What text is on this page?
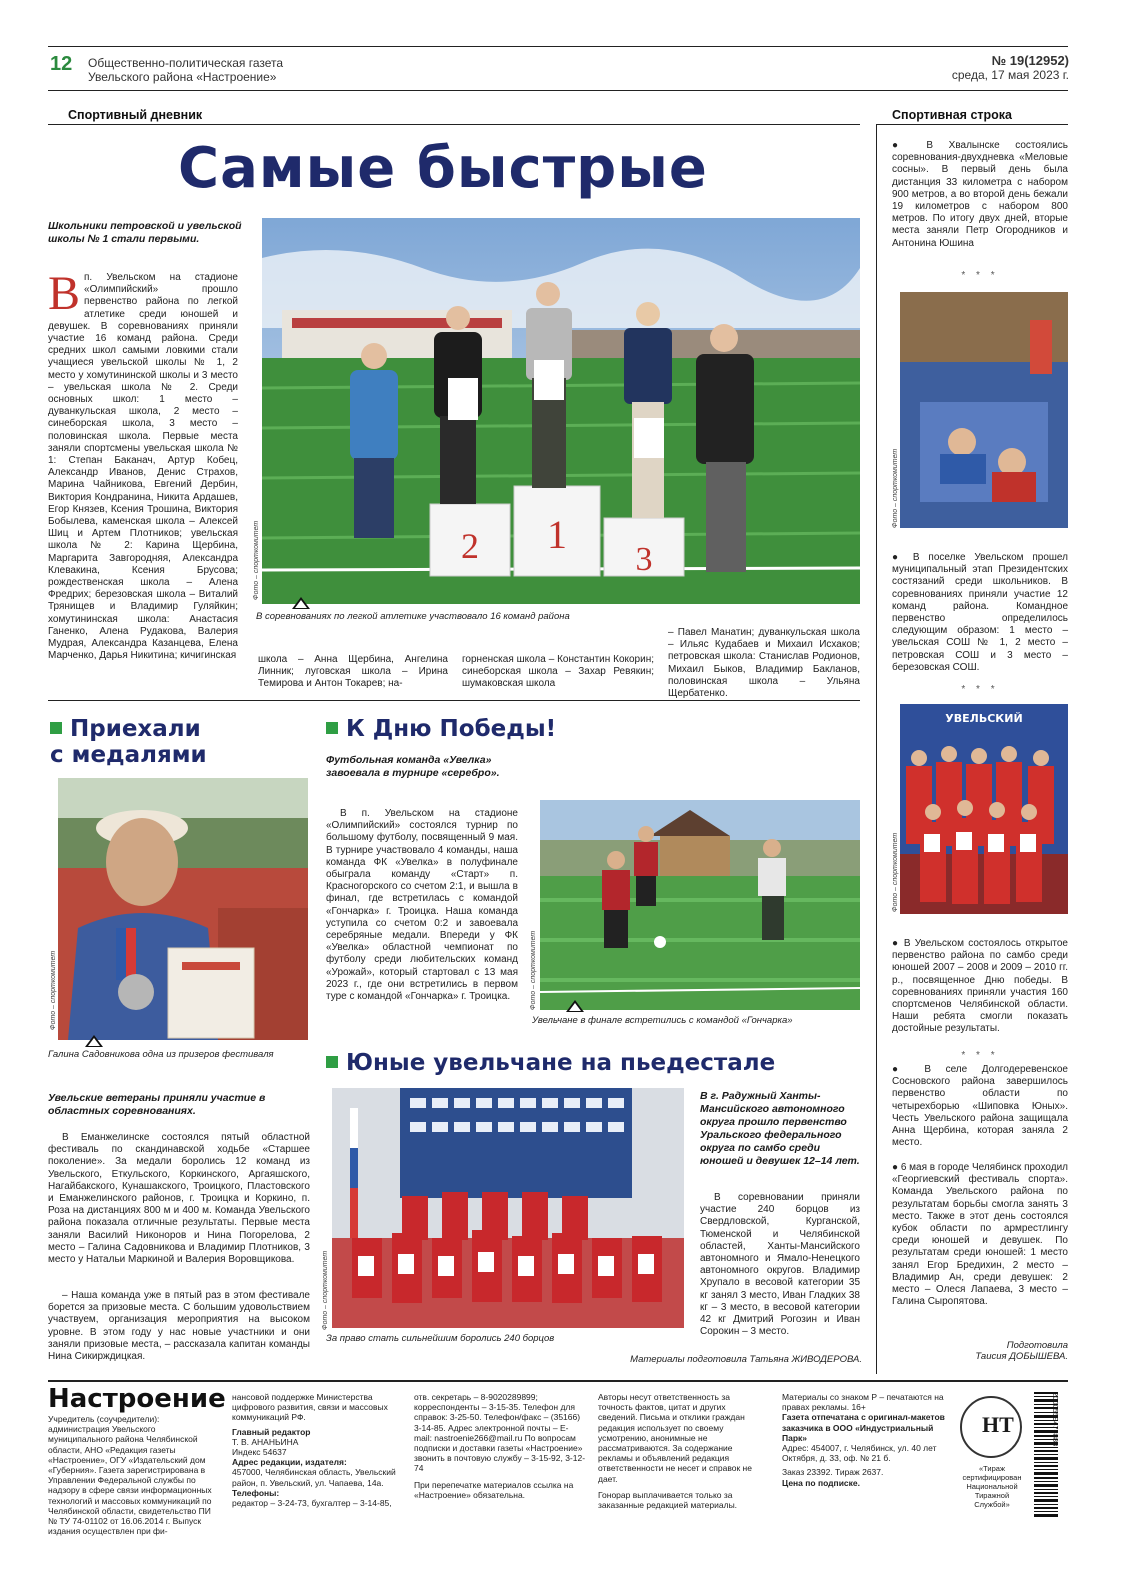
12 Общественно-политическая газета
Увельского района «Настроение»
№ 19(12952)
среда, 17 мая 2023 г.
Спортивный дневник	Спортивная строка
Самые быстрые
Школьники петровской и увельской школы № 1 стали первыми.
В п. Увельском на стадионе «Олимпийский» прошло первенство района по легкой атлетике среди юношей и девушек. В соревнованиях приняли участие 16 команд района. Среди средних школ самыми ловкими стали учащиеся увельской школы № 1, 2 место у хомутининской школы и 3 место – увельская школа № 2. Среди основных школ: 1 место – дуванкульская школа, 2 место – синеборская школа, 3 место – половинская школа. Первые места заняли спортсмены увельская школа № 1: Степан Баканач, Артур Кобец, Александр Иванов, Денис Страхов, Марина Чайникова, Евгений Дербин, Виктория Кондранина, Никита Ардашев, Егор Князев, Ксения Трошина, Виктория Бобылева, каменская школа – Алексей Шиц и Артем Плотников; увельская школа № 2: Карина Щербина, Маргарита Завгородняя, Александра Клевакина, Ксения Брусова; рождественская школа – Алена Фредрих; березовская школа – Виталий Трянищев и Владимир Гуляйкин; хомутининская школа: Анастасия Ганенко, Алена Рудакова, Валерия Мудрая, Александра Казанцева, Елена Марченко, Дарья Никитина; кичигинская
2 1
3
Фото – спорткомитет
В соревнованиях по легкой атлетике участвовало 16 команд района
– Павел Манатин; дуванкульская школа – Ильяс Кудабаев и Михаил Исхаков; петровская школа: Станислав Родионов, Михаил Быков, Владимир Бакланов, половинская школа – Ульяна Щербатенко.
школа – Анна Щербина, Ангелина Линник; луговская школа – Ирина Темирова и Антон Токарев; на-
горненская школа – Константин Кокорин; синеборская школа – Захар Ревякин; шумаковская школа
Приехали
с медалями
Фото – спорткомитет
Галина Садовникова одна из призеров фестиваля
Увельские ветераны приняли участие в областных соревнованиях.
В Еманжелинске состоялся пятый областной фестиваль по скандинавской ходьбе «Старшее поколение». За медали боролись 12 команд из Увельского, Еткульского, Коркинского, Аргаяшского, Нагайбакского, Кунашакского, Троицкого, Пластовского и Еманжелинского районов, г. Троицка и Коркино, п. Роза на дистанциях 800 м и 400 м. Команда Увельского района показала отличные результаты. Первые места заняли Василий Никоноров и Нина Погорелова, 2 место – Галина Садовникова и Владимир Плотников, 3 место у Натальи Маркиной и Валерия Воровщикова.
– Наша команда уже в пятый раз в этом фестивале борется за призовые места. С большим удовольствием участвуем, организация мероприятия на высоком уровне. В этом году у нас новые участники и они заняли призовые места, – рассказала капитан команды Нина Сикирждицкая.
К Дню Победы!
Футбольная команда «Увелка» завоевала в турнире «серебро».
В п. Увельском на стадионе «Олимпийский» состоялся турнир по большому футболу, посвященный 9 мая. В турнире участвовало 4 команды, наша команда ФК «Увелка» в полуфинале обыграла команду «Старт» п. Красногорского со счетом 2:1, и вышла в финал, где встретилась с командой «Гончарка» г. Троицка. Наша команда уступила со счетом 0:2 и завоевала серебряные медали. Впереди у ФК «Увелка» областной чемпионат по футболу среди любительских команд «Урожай», который стартовал с 13 мая 2023 г., где они встретились в первом туре с командой «Гончарка» г. Троицка.	Фото – спорткомитет
Увельчане в финале встретились с командой «Гончарка»
Юные увельчане на пьедестале
Фото – спорткомитет
За право стать сильнейшим боролись 240 борцов
В г. Радужный Ханты-Мансийского автономного округа прошло первенство Уральского федерального округа по самбо среди юношей и девушек 12–14 лет.
В соревновании приняли участие 240 борцов из Свердловской, Курганской, Тюменской и Челябинской областей, Ханты-Мансийского автономного и Ямало-Ненецкого автономного округов. Владимир Хрупало в весовой категории 35 кг занял 3 место, Иван Гладких 38 кг – 3 место, в весовой категории 42 кг Дмитрий Рогозин и Иван Сорокин – 3 место.
Материалы подготовила Татьяна ЖИВОДЕРОВА.
● В Хвалынске состоялись соревнования-двухдневка «Меловые сосны». В первый день была дистанция 33 километра с набором 900 метров, а во второй день бежали 19 километров с набором 800 метров. По итогу двух дней, вторые места заняли Петр Огородников и Антонина Юшина
* * *
Фото – спорткомитет
● В поселке Увельском прошел муниципальный этап Президентских состязаний среди школьников. В соревнованиях приняли участие 12 команд района. Командное первенство определилось следующим образом: 1 место – увельская СОШ № 1, 2 место – петровская СОШ и 3 место – березовская СОШ.
* * *
УВЕЛЬСКИЙ
Фото – спорткомитет
● В Увельском состоялось открытое первенство района по самбо среди юношей 2007 – 2008 и 2009 – 2010 гг. р., посвященное Дню победы. В соревнованиях приняли участия 160 спортсменов Челябинской области. Наши ребята смогли показать достойные результаты.
* * *
● В селе Долгодеревенское Сосновского района завершилось первенство области по четырехборью «Шиповка Юных». Честь Увельского района защищала Анна Щербина, которая заняла 2 место.
● 6 мая в городе Челябинск проходил «Георгиевский фестиваль спорта». Команда Увельского района по результатам борьбы смогла занять 3 место. Также в этот день состоялся кубок области по армрестлингу среди юношей и девушек. По результатам среди юношей: 1 место занял Егор Бредихин, 2 место – Владимир Ан, среди девушек: 2 место – Олеся Лапаева, 3 место – Галина Сыропятова.
Подготовила
Таисия ДОБЫШЕВА.
Настроение
Учредитель (соучредители): администрация Увельского муниципального района Челябинской области, АНО «Редакция газеты «Настроение», ОГУ «Издательский дом «Губерния». Газета зарегистрирована в Управлении Федеральной службы по надзору в сфере связи информационных технологий и массовых коммуникаций по Челябинской области, свидетельство ПИ № ТУ 74-01102 от 16.06.2014 г. Выпуск издания осуществлен при фи-
нансовой поддержке Министерства цифрового развития, связи и массовых коммуникаций РФ.
Главный редактор
Т. В. АНАНЬИНА
Индекс 54637
Адрес редакции, издателя:
457000, Челябинская область, Увельский район, п. Увельский, ул. Чапаева, 14а.
Телефоны:
редактор – 3-24-73, бухгалтер – 3-14-85,
отв. секретарь – 8-9020289899; корреспонденты – 3-15-35. Телефон для справок: 3-25-50. Телефон/факс – (35166) 3-14-85. Адрес электронной почты – E-mail: nastroenie266@mail.ru По вопросам подписки и доставки газеты «Настроение» звонить в почтовую службу – 3-15-92, 3-12-74
При перепечатке материалов ссылка на «Настроение» обязательна.
Авторы несут ответственность за точность фактов, цитат и других сведений. Письма и отклики граждан редакция использует по своему усмотрению, анонимные не рассматриваются. За содержание рекламы и объявлений редакция ответственности не несет и справок не дает.
Гонорар выплачивается только за заказанные редакцией материалы.
Материалы со знаком Р – печатаются на правах рекламы. 16+
Газета отпечатана с оригинал-макетов заказчика в ООО «Индустриальный Парк»
Адрес: 454007, г. Челябинск, ул. 40 лет Октября, д. 33, оф. № 21 б.
Заказ 23392. Тираж 2637.
Цена по подписке.
НТ
«Тираж сертифицирован Национальной Тиражной Службой»
2000559478888
